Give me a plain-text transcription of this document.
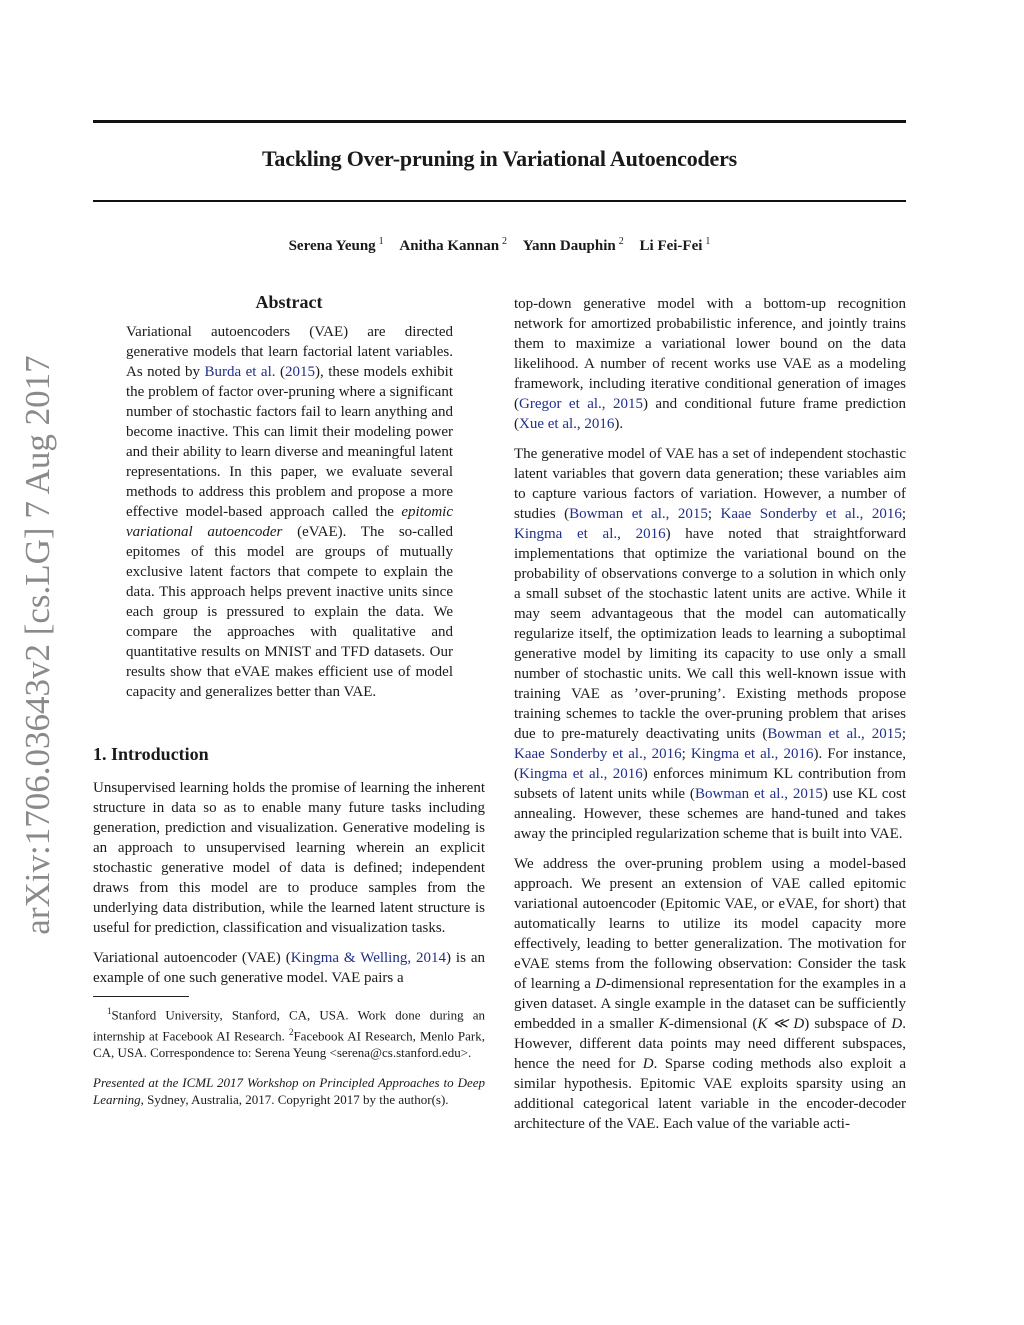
arXiv:1706.03643v2 [cs.LG] 7 Aug 2017
Tackling Over-pruning in Variational Autoencoders
Serena Yeung $^1$ Anitha Kannan $^2$ Yann Dauphin $^2$ Li Fei-Fei $^1$
Abstract

Variational autoencoders (VAE) are directed generative models that learn factorial latent variables. As noted by Burda et al. (2015), these models exhibit the problem of factor over-pruning where a significant number of stochastic factors fail to learn anything and become inactive. This can limit their modeling power and their ability to learn diverse and meaningful latent representations. In this paper, we evaluate several methods to address this problem and propose a more effective model-based approach called the epitomic variational autoencoder (eVAE). The so-called epitomes of this model are groups of mutually exclusive latent factors that compete to explain the data. This approach helps prevent inactive units since each group is pressured to explain the data. We compare the approaches with qualitative and quantitative results on MNIST and TFD datasets. Our results show that eVAE makes efficient use of model capacity and generalizes better than VAE.

1. Introduction

Unsupervised learning holds the promise of learning the inherent structure in data so as to enable many future tasks including generation, prediction and visualization. Generative modeling is an approach to unsupervised learning wherein an explicit stochastic generative model of data is defined; independent draws from this model are to produce samples from the underlying data distribution, while the learned latent structure is useful for prediction, classification and visualization tasks.

Variational autoencoder (VAE) (Kingma & Welling, 2014) is an example of one such generative model. VAE pairs a

$^1$Stanford University, Stanford, CA, USA. Work done during an internship at Facebook AI Research. $^2$Facebook AI Research, Menlo Park, CA, USA. Correspondence to: Serena Yeung <serena@cs.stanford.edu>.
Presented at the ICML 2017 Workshop on Principled Approaches to Deep Learning, Sydney, Australia, 2017. Copyright 2017 by the author(s).

top-down generative model with a bottom-up recognition network for amortized probabilistic inference, and jointly trains them to maximize a variational lower bound on the data likelihood. A number of recent works use VAE as a modeling framework, including iterative conditional generation of images (Gregor et al., 2015) and conditional future frame prediction (Xue et al., 2016).

The generative model of VAE has a set of independent stochastic latent variables that govern data generation; these variables aim to capture various factors of variation. However, a number of studies (Bowman et al., 2015; Kaae Sonderby et al., 2016; Kingma et al., 2016) have noted that straightforward implementations that optimize the variational bound on the probability of observations converge to a solution in which only a small subset of the stochastic latent units are active. While it may seem advantageous that the model can automatically regularize itself, the optimization leads to learning a suboptimal generative model by limiting its capacity to use only a small number of stochastic units. We call this well-known issue with training VAE as ’over-pruning’. Existing methods propose training schemes to tackle the over-pruning problem that arises due to pre-maturely deactivating units (Bowman et al., 2015; Kaae Sonderby et al., 2016; Kingma et al., 2016). For instance, (Kingma et al., 2016) enforces minimum KL contribution from subsets of latent units while (Bowman et al., 2015) use KL cost annealing. However, these schemes are hand-tuned and takes away the principled regularization scheme that is built into VAE.

We address the over-pruning problem using a model-based approach. We present an extension of VAE called epitomic variational autoencoder (Epitomic VAE, or eVAE, for short) that automatically learns to utilize its model capacity more effectively, leading to better generalization. The motivation for eVAE stems from the following observation: Consider the task of learning a D-dimensional representation for the examples in a given dataset. A single example in the dataset can be sufficiently embedded in a smaller K-dimensional (K ≪ D) subspace of D. However, different data points may need different subspaces, hence the need for D. Sparse coding methods also exploit a similar hypothesis. Epitomic VAE exploits sparsity using an additional categorical latent variable in the encoder-decoder architecture of the VAE. Each value of the variable acti-
